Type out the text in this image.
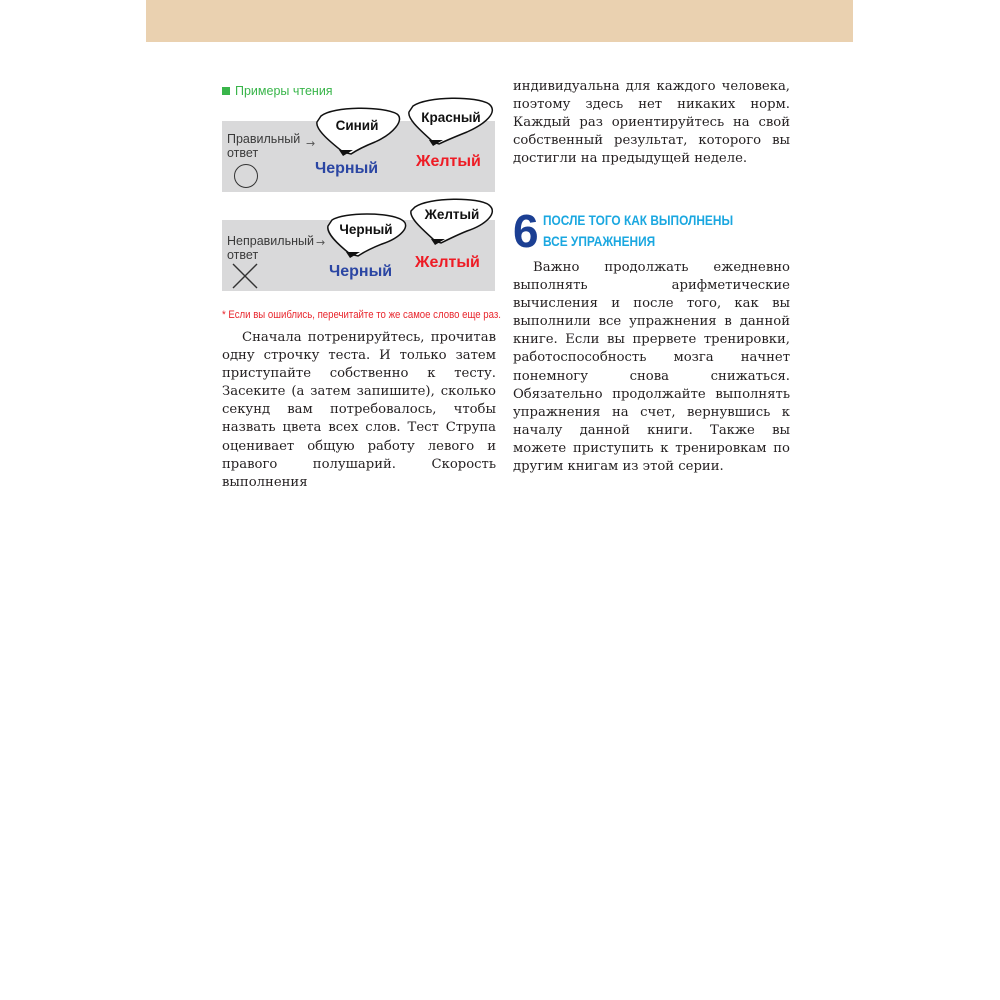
Примеры чтения
Правильный
ответ
→
Синий
Черный
Красный
Желтый
Неправильный
ответ
→
Черный
Черный
Желтый
Желтый
* Если вы ошиблись, перечитайте то же самое слово еще раз.

Сначала потренируйтесь, прочитав одну строчку теста. И только затем приступайте собственно к тесту. Засеките (а затем запишите), сколько секунд вам потребовалось, чтобы назвать цвета всех слов. Тест Струпа оценивает общую работу левого и правого полушарий. Скорость выполнения

индивидуальна для каждого человека, поэтому здесь нет никаких норм. Каждый раз ориентируйтесь на свой собственный результат, которого вы достигли на предыдущей неделе.

6 ПОСЛЕ ТОГО КАК ВЫПОЛНЕНЫ
ВСЕ УПРАЖНЕНИЯ

Важно продолжать ежедневно выполнять арифметические вычисления и после того, как вы выполнили все упражнения в данной книге. Если вы прервете тренировки, работоспособность мозга начнет понемногу снова снижаться. Обязательно продолжайте выполнять упражнения на счет, вернувшись к началу данной книги. Также вы можете приступить к тренировкам по другим книгам из этой серии.
